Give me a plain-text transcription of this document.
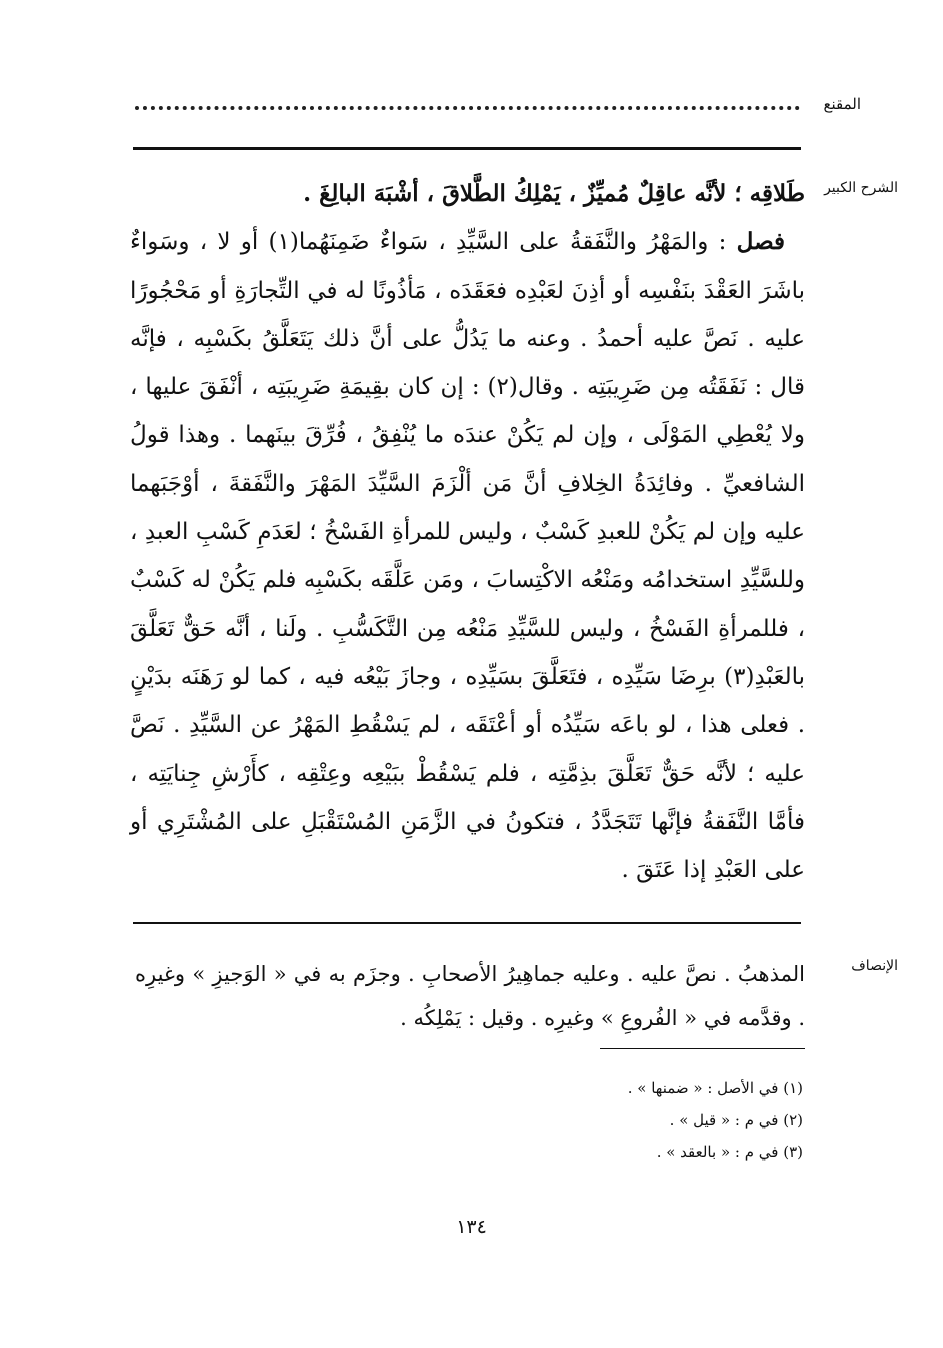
المقنع
الشرح الكبير

طَلاقِه ؛ لأنَّه عاقِلٌ مُميِّزٌ ، يَمْلِكُ الطَّلاقَ ، أشْبَهَ البالِغَ .

فصل : والمَهْرُ والنَّفَقةُ على السَّيِّدِ ، سَواءٌ ضَمِنَهُما(١) أو لا ، وسَواءٌ باشَرَ العَقْدَ بنَفْسِه أو أذِنَ لعَبْدِه فعَقَدَه ، مَأذُونًا له في التِّجارَةِ أو مَحْجُورًا عليه . نَصَّ عليه أحمدُ . وعنه ما يَدُلُّ على أنَّ ذلك يَتَعَلَّقُ بكَسْبِه ، فإنَّه قال : نَفَقَتُه مِن ضَرِيبَتِه . وقال(٢) : إن كان بقِيمَةِ ضَرِيبَتِه ، أنْفَقَ عليها ، ولا يُعْطِي المَوْلَى ، وإن لم يَكُنْ عندَه ما يُنْفِقُ ، فُرِّقَ بينَهما . وهذا قولُ الشافعيِّ . وفائِدَةُ الخِلافِ أنَّ مَن ألْزَمَ السَّيِّدَ المَهْرَ والنَّفَقةَ ، أوْجَبَهما عليه وإن لم يَكُنْ للعبدِ كَسْبٌ ، وليس للمرأةِ الفَسْخُ ؛ لعَدَمِ كَسْبِ العبدِ ، وللسَّيِّدِ استخدامُه ومَنْعُه الاكْتِسابَ ، ومَن عَلَّقَه بكَسْبِه فلم يَكُنْ له كَسْبٌ ، فللمرأةِ الفَسْخُ ، وليس للسَّيِّدِ مَنْعُه مِن التَّكَسُّبِ . ولَنا ، أنَّه حَقٌّ تَعَلَّقَ بالعَبْدِ(٣) برِضَا سَيِّدِه ، فتَعَلَّقَ بسَيِّدِه ، وجازَ بَيْعُه فيه ، كما لو رَهَنَه بدَيْنٍ . فعلى هذا ، لو باعَه سَيِّدُه أو أعْتَقَه ، لم يَسْقُطِ المَهْرُ عن السَّيِّدِ . نَصَّ عليه ؛ لأنَّه حَقٌّ تَعَلَّقَ بذِمَّتِه ، فلم يَسْقُطْ ببَيْعِه وعِتْقِه ، كأَرْشِ جِنايَتِه ، فأمَّا النَّفَقةُ فإنَّها تَتَجَدَّدُ ، فتكونُ في الزَّمَنِ المُسْتَقْبَلِ على المُشْتَرِي أو على العَبْدِ إذا عَتَقَ .

الإنصاف

المذهبُ . نصَّ عليه . وعليه جماهِيرُ الأصحابِ . وجزَم به في « الوَجيزِ » وغيرِه . وقدَّمه في « الفُروعِ » وغيرِه . وقيل : يَمْلِكُه .

(١) في الأصل : « ضمنها » .
(٢) في م : « قيل » .
(٣) في م : « بالعقد » .
١٣٤
